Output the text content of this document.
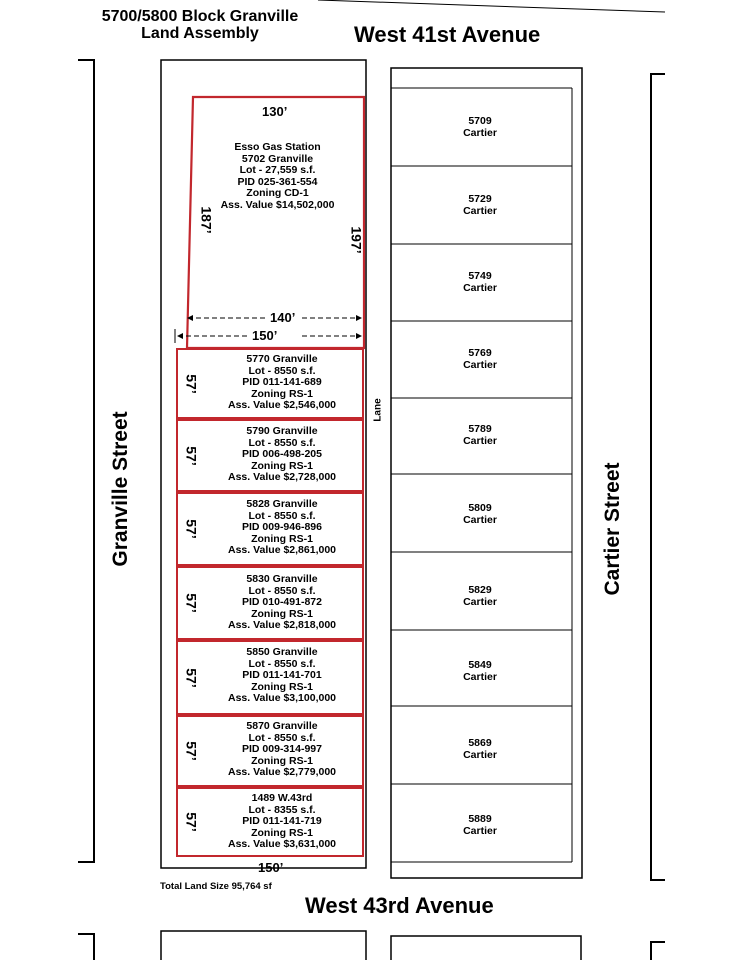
5700/5800 Block Granville
Land Assembly	West 41st Avenue
West 43rd Avenue
Granville Street	Cartier Street
Lane
130’
Esso Gas Station
5702 Granville
Lot - 27,559 s.f.
PID 025-361-554
Zoning CD-1
Ass. Value $14,502,000
187’
197’
140’
150’
57’
5770 Granville
Lot - 8550 s.f.
PID 011-141-689
Zoning RS-1
Ass. Value $2,546,000
57’
5790 Granville
Lot - 8550 s.f.
PID 006-498-205
Zoning RS-1
Ass. Value $2,728,000
57’
5828 Granville
Lot - 8550 s.f.
PID 009-946-896
Zoning RS-1
Ass. Value $2,861,000
57’
5830 Granville
Lot - 8550 s.f.
PID 010-491-872
Zoning RS-1
Ass. Value $2,818,000
57’
5850 Granville
Lot - 8550 s.f.
PID 011-141-701
Zoning RS-1
Ass. Value $3,100,000
57’
5870 Granville
Lot - 8550 s.f.
PID 009-314-997
Zoning RS-1
Ass. Value $2,779,000
57’
1489 W.43rd
Lot - 8355 s.f.
PID 011-141-719
Zoning RS-1
Ass. Value $3,631,000
150’
Total Land Size 95,764 sf
5709
Cartier
5729
Cartier
5749
Cartier
5769
Cartier
5789
Cartier
5809
Cartier
5829
Cartier
5849
Cartier
5869
Cartier
5889
Cartier
